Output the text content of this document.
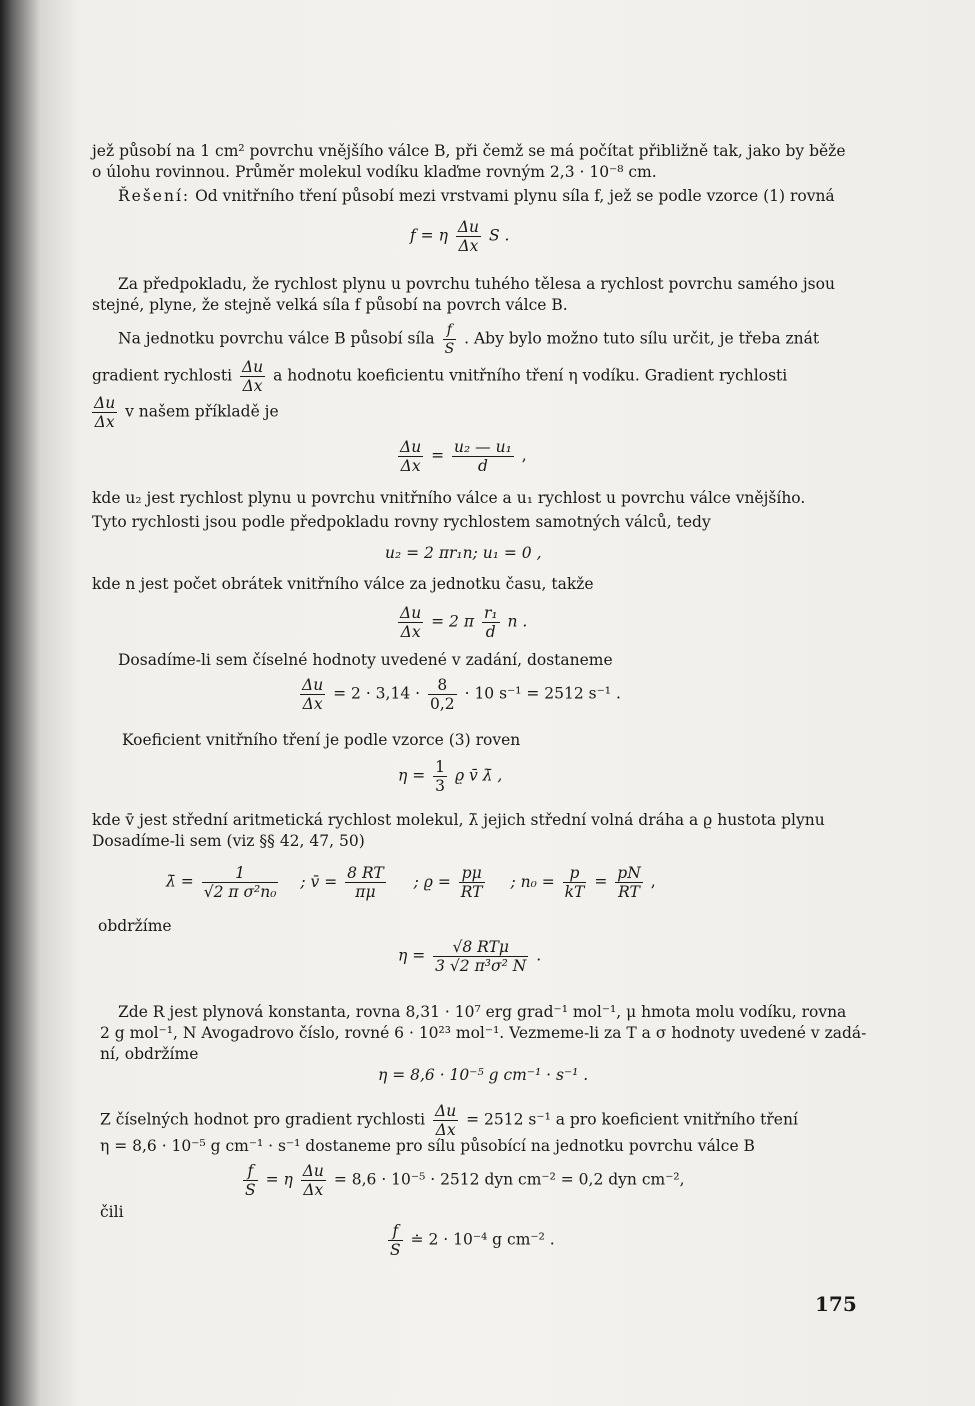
jež působí na 1 cm² povrchu vnějšího válce B, při čemž se má počítat přibližně tak, jako by běže
o úlohu rovinnou. Průměr molekul vodíku klaďme rovným 2,3 · 10⁻⁸ cm.
Řešení: Od vnitřního tření působí mezi vrstvami plynu síla f, jež se podle vzorce (1) rovná
f = η $\frac{\Delta u}{\Delta x}$ S .
Za předpokladu, že rychlost plynu u povrchu tuhého tělesa a rychlost povrchu samého jsou
stejné, plyne, že stejně velká síla f působí na povrch válce B.
Na jednotku povrchu válce B působí síla $\frac{f}{S}$ . Aby bylo možno tuto sílu určit, je třeba znát
gradient rychlosti $\frac{\Delta u}{\Delta x}$ a hodnotu koeficientu vnitřního tření η vodíku. Gradient rychlosti
$\frac{\Delta u}{\Delta x}$ v našem příkladě je
$\frac{\Delta u}{\Delta x} = \frac{\text{u₂ — u₁}}{d}$ ,
kde u₂ jest rychlost plynu u povrchu vnitřního válce a u₁ rychlost u povrchu válce vnějšího.
Tyto rychlosti jsou podle předpokladu rovny rychlostem samotných válců, tedy
u₂ = 2 πr₁n; u₁ = 0 ,
kde n jest počet obrátek vnitřního válce za jednotku času, takže
$\frac{\Delta u}{\Delta x} = 2$ π $\frac{\text{r₁}}{d}$ n .
Dosadíme-li sem číselné hodnoty uvedené v zadání, dostaneme
$\frac{\Delta u}{\Delta x} = 2 \cdot 3,14 \cdot \frac{8}{0,2} \cdot 10$ s⁻¹ = 2512 s⁻¹ .
Koeficient vnitřního tření je podle vzorce (3) roven
$\eta = \frac{1}{3}$ ϱ v̄ λ̄ ,
kde v̄ jest střední aritmetická rychlost molekul, λ̄ jejich střední volná dráha a ϱ hustota plynu
Dosadíme-li sem (viz §§ 42, 47, 50)
λ̄ = $\frac{1}{\text{√2 π σ²n₀}}$ ; v̄ = $\frac{8 RT}{\pi\mu}$ ; $ϱ = \frac{p\mu}{RT}$ ; $n_0 = \frac{p}{kT} = \frac{pN}{RT}$ ,
obdržíme
$\eta = \frac{\text{√8 RTμ}}{\text{3 √2 π³σ² N}}$ .
Zde R jest plynová konstanta, rovna 8,31 · 10⁷ erg grad⁻¹ mol⁻¹, μ hmota molu vodíku, rovna
2 g mol⁻¹, N Avogadrovo číslo, rovné 6 · 10²³ mol⁻¹. Vezmeme-li za T a σ hodnoty uvedené v zadá-
ní, obdržíme
η = 8,6 · 10⁻⁵ g cm⁻¹ · s⁻¹ .
Z číselných hodnot pro gradient rychlosti $\frac{\Delta u}{\Delta x} = 2512$ s⁻¹ a pro koeficient vnitřního tření
η = 8,6 · 10⁻⁵ g cm⁻¹ · s⁻¹ dostaneme pro sílu působící na jednotku povrchu válce B
$\frac{f}{S} = \eta \frac{\Delta u}{\Delta x} = 8,6 \cdot 10^{-5} \cdot 2512$ dyn cm⁻² = 0,2 dyn cm⁻²,
čili
$\frac{f}{S}$ ≐ 2 · 10⁻⁴ g cm⁻² .
175
